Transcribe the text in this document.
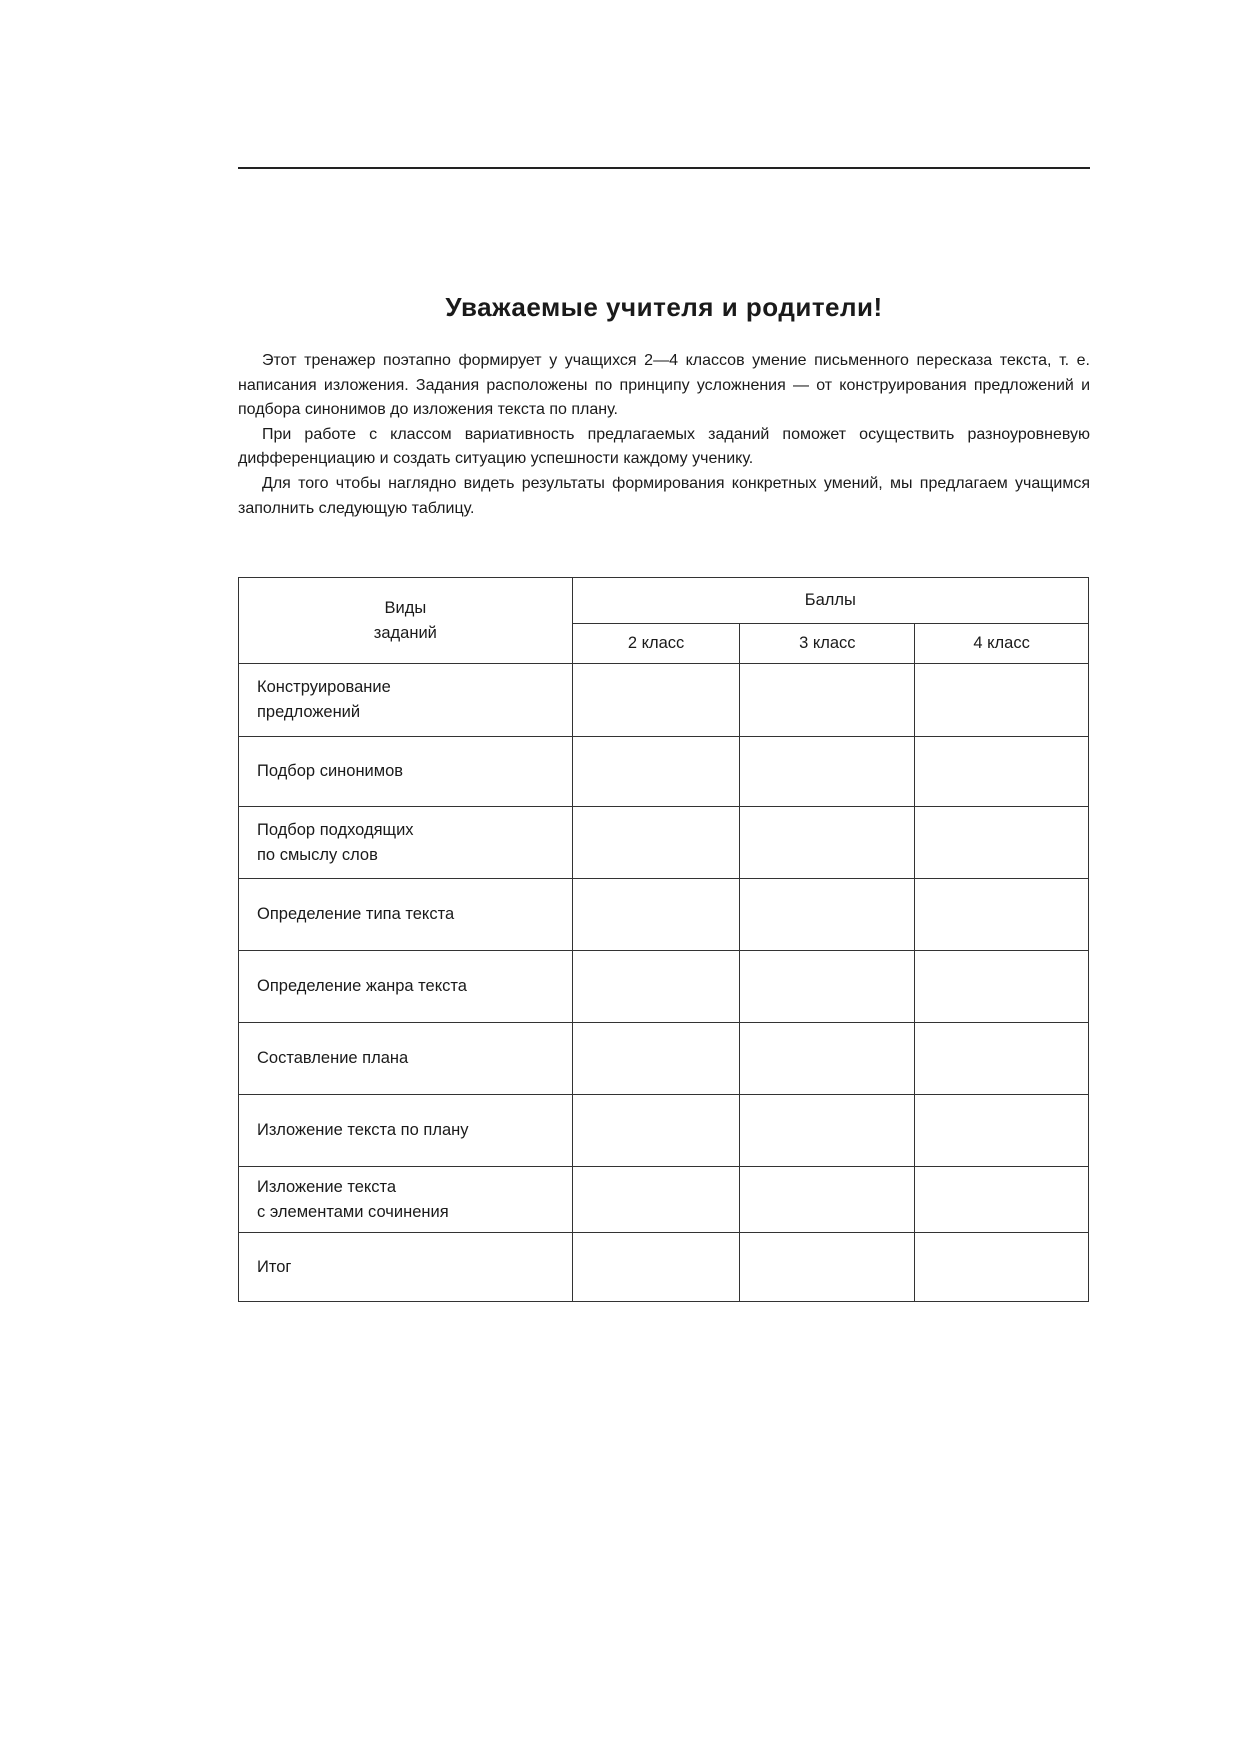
Уважаемые учителя и родители!

Этот тренажер поэтапно формирует у учащихся 2—4 классов умение письменного пересказа текста, т. е. написания изложения. Задания расположены по принципу усложнения — от конструирования предложений и подбора синонимов до изложения текста по плану.

При работе с классом вариативность предлагаемых заданий поможет осуществить разноуровневую дифференциацию и создать ситуацию успешности каждому ученику.

Для того чтобы наглядно видеть результаты формирования конкретных умений, мы предлагаем учащимся заполнить следующую таблицу.

Виды
заданий	Баллы		
	2 класс	3 класс	4 класс

Конструирование
предложений			

Подбор синонимов			

Подбор подходящих
по смыслу слов			

Определение типа текста			

Определение жанра текста			

Составление плана			

Изложение текста по плану			

Изложение текста
с элементами сочинения			

Итог			
